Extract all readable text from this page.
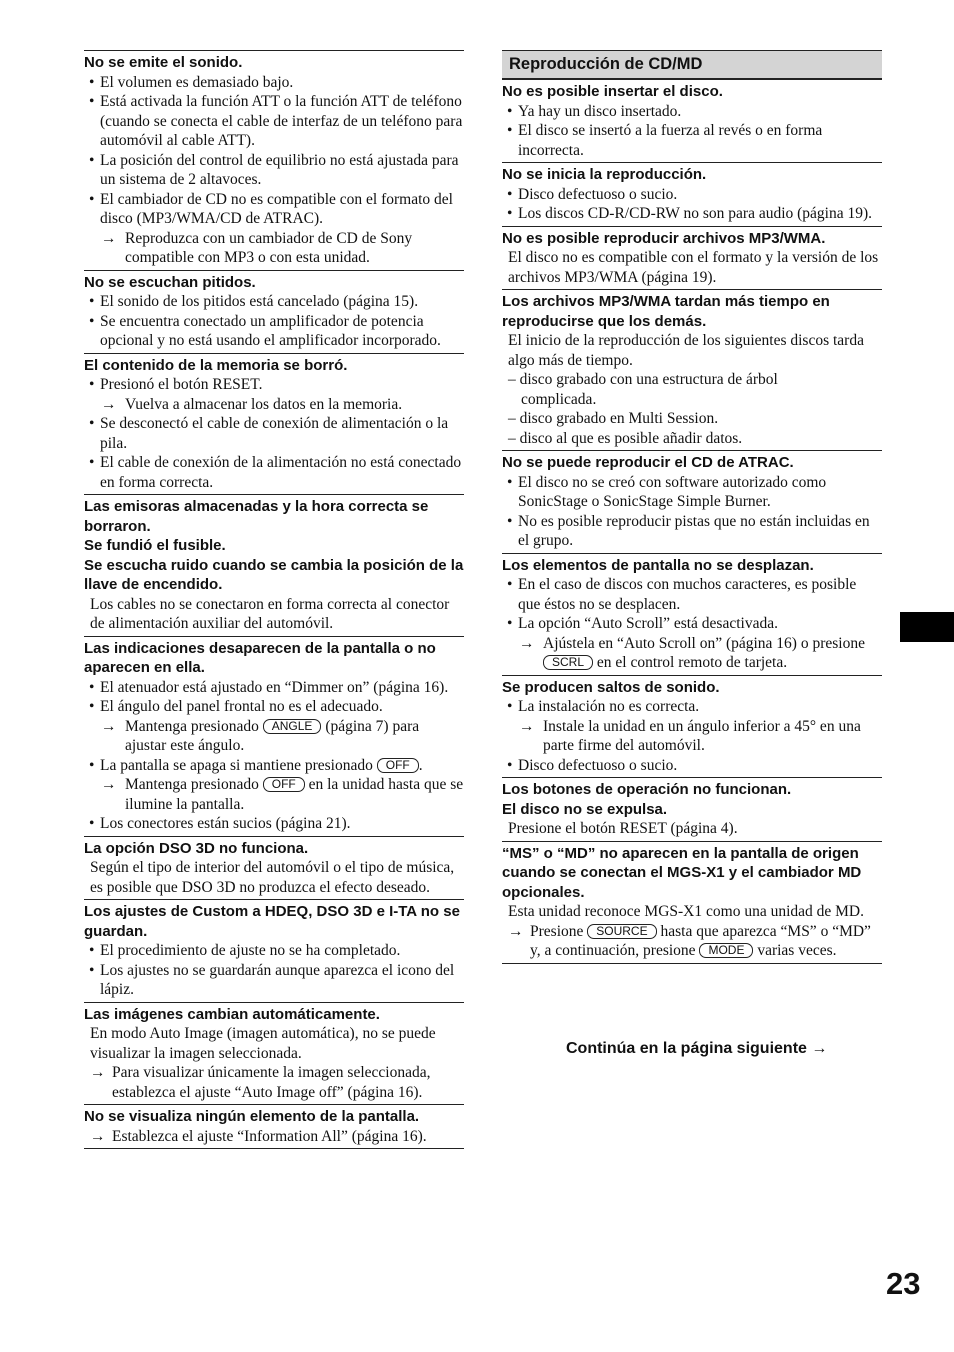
No se emite el sonido.
• El volumen es demasiado bajo.
• Está activada la función ATT o la función ATT de teléfono (cuando se conecta el cable de interfaz de un teléfono para automóvil al cable ATT).
• La posición del control de equilibrio no está ajustada para un sistema de 2 altavoces.
• El cambiador de CD no es compatible con el formato del disco (MP3/WMA/CD de ATRAC).
→ Reproduzca con un cambiador de CD de Sony compatible con MP3 o con esta unidad.
No se escuchan pitidos.
• El sonido de los pitidos está cancelado (página 15).
• Se encuentra conectado un amplificador de potencia opcional y no está usando el amplificador incorporado.
El contenido de la memoria se borró.
• Presionó el botón RESET.
→ Vuelva a almacenar los datos en la memoria.
• Se desconectó el cable de conexión de alimentación o la pila.
• El cable de conexión de la alimentación no está conectado en forma correcta.
Las emisoras almacenadas y la hora correcta se borraron.
Se fundió el fusible.
Se escucha ruido cuando se cambia la posición de la llave de encendido.
Los cables no se conectaron en forma correcta al conector de alimentación auxiliar del automóvil.
Las indicaciones desaparecen de la pantalla o no aparecen en ella.
• El atenuador está ajustado en “Dimmer on” (página 16).
• El ángulo del panel frontal no es el adecuado.
→ Mantenga presionado ANGLE (página 7) para ajustar este ángulo.
• La pantalla se apaga si mantiene presionado OFF .
→ Mantenga presionado OFF en la unidad hasta que se ilumine la pantalla.
• Los conectores están sucios (página 21).
La opción DSO 3D no funciona.
Según el tipo de interior del automóvil o el tipo de música, es posible que DSO 3D no produzca el efecto deseado.
Los ajustes de Custom a HDEQ, DSO 3D e I-TA no se guardan.
• El procedimiento de ajuste no se ha completado.
• Los ajustes no se guardarán aunque aparezca el icono del lápiz.
Las imágenes cambian automáticamente.
En modo Auto Image (imagen automática), no se puede visualizar la imagen seleccionada.
→ Para visualizar únicamente la imagen seleccionada, establezca el ajuste “Auto Image off” (página 16).
No se visualiza ningún elemento de la pantalla.
→ Establezca el ajuste “Information All” (página 16).
Reproducción de CD/MD
No es posible insertar el disco.
• Ya hay un disco insertado.
• El disco se insertó a la fuerza al revés o en forma incorrecta.
No se inicia la reproducción.
• Disco defectuoso o sucio.
• Los discos CD-R/CD-RW no son para audio (página 19).
No es posible reproducir archivos MP3/WMA.
El disco no es compatible con el formato y la versión de los archivos MP3/WMA (página 19).
Los archivos MP3/WMA tardan más tiempo en reproducirse que los demás.
El inicio de la reproducción de los siguientes discos tarda algo más de tiempo.
– disco grabado con una estructura de árbol
complicada.
– disco grabado en Multi Session.
– disco al que es posible añadir datos.
No se puede reproducir el CD de ATRAC.
• El disco no se creó con software autorizado como SonicStage o SonicStage Simple Burner.
• No es posible reproducir pistas que no están incluidas en el grupo.
Los elementos de pantalla no se desplazan.
• En el caso de discos con muchos caracteres, es posible que éstos no se desplacen.
• La opción “Auto Scroll” está desactivada.
→ Ajústela en “Auto Scroll on” (página 16) o presione SCRL en el control remoto de tarjeta.
Se producen saltos de sonido.
• La instalación no es correcta.
→ Instale la unidad en un ángulo inferior a 45° en una parte firme del automóvil.
• Disco defectuoso o sucio.
Los botones de operación no funcionan.
El disco no se expulsa.
Presione el botón RESET (página 4).
“MS” o “MD” no aparecen en la pantalla de origen cuando se conectan el MGS-X1 y el cambiador MD opcionales.
Esta unidad reconoce MGS-X1 como una unidad de MD.
→ Presione SOURCE hasta que aparezca “MS” o “MD” y, a continuación, presione MODE varias veces.
Continúa en la página siguiente →
23
